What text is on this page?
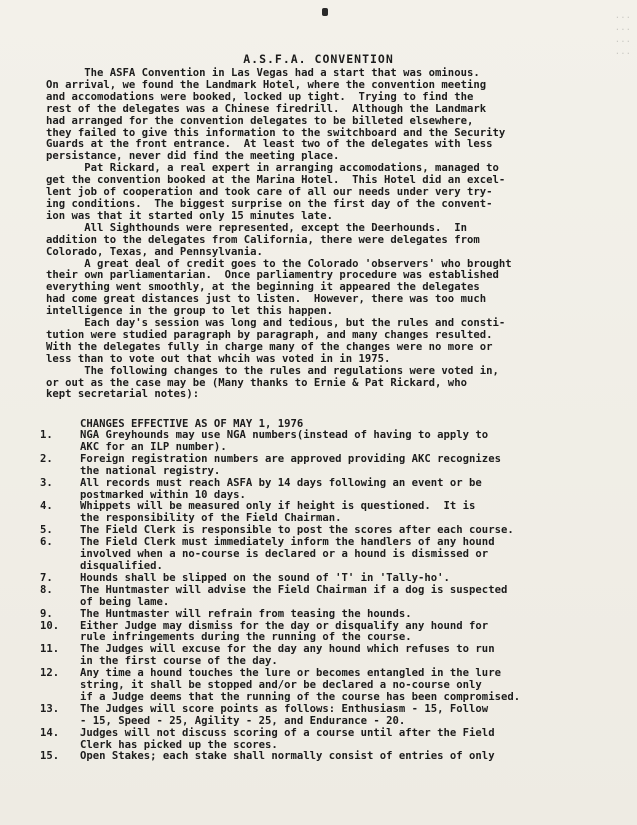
...
...
...
...
A.S.F.A. CONVENTION
The ASFA Convention in Las Vegas had a start that was ominous.
On arrival, we found the Landmark Hotel, where the convention meeting
and accomodations were booked, locked up tight.  Trying to find the
rest of the delegates was a Chinese firedrill.  Although the Landmark
had arranged for the convention delegates to be billeted elsewhere,
they failed to give this information to the switchboard and the Security
Guards at the front entrance.  At least two of the delegates with less
persistance, never did find the meeting place.
Pat Rickard, a real expert in arranging accomodations, managed to
get the convention booked at the Marina Hotel.  This Hotel did an excel-
lent job of cooperation and took care of all our needs under very try-
ing conditions.  The biggest surprise on the first day of the convent-
ion was that it started only 15 minutes late.
All Sighthounds were represented, except the Deerhounds.  In
addition to the delegates from California, there were delegates from
Colorado, Texas, and Pennsylvania.
A great deal of credit goes to the Colorado 'observers' who brought
their own parliamentarian.  Once parliamentry procedure was established
everything went smoothly, at the beginning it appeared the delegates
had come great distances just to listen.  However, there was too much
intelligence in the group to let this happen.
Each day's session was long and tedious, but the rules and consti-
tution were studied paragraph by paragraph, and many changes resulted.
With the delegates fully in charge many of the changes were no more or
less than to vote out that whcih was voted in in 1975.
The following changes to the rules and regulations were voted in,
or out as the case may be (Many thanks to Ernie & Pat Rickard, who
kept secretarial notes):
CHANGES EFFECTIVE AS OF MAY 1, 1976
1.	NGA Greyhounds may use NGA numbers(instead of having to apply to
AKC for an ILP number).
2.	Foreign registration numbers are approved providing AKC recognizes
the national registry.
3.	All records must reach ASFA by 14 days following an event or be
postmarked within 10 days.
4.	Whippets will be measured only if height is questioned.  It is
the responsibility of the Field Chairman.
5.	The Field Clerk is responsible to post the scores after each course.
6.	The Field Clerk must immediately inform the handlers of any hound
involved when a no-course is declared or a hound is dismissed or
disqualified.
7.	Hounds shall be slipped on the sound of 'T' in 'Tally-ho'.
8.	The Huntmaster will advise the Field Chairman if a dog is suspected
of being lame.
9.	The Huntmaster will refrain from teasing the hounds.
10.	Either Judge may dismiss for the day or disqualify any hound for
rule infringements during the running of the course.
11.	The Judges will excuse for the day any hound which refuses to run
in the first course of the day.
12.	Any time a hound touches the lure or becomes entangled in the lure
string, it shall be stopped and/or be declared a no-course only
if a Judge deems that the running of the course has been compromised.
13.	The Judges will score points as follows: Enthusiasm - 15, Follow
- 15, Speed - 25, Agility - 25, and Endurance - 20.
14.	Judges will not discuss scoring of a course until after the Field
Clerk has picked up the scores.
15.	Open Stakes; each stake shall normally consist of entries of only
